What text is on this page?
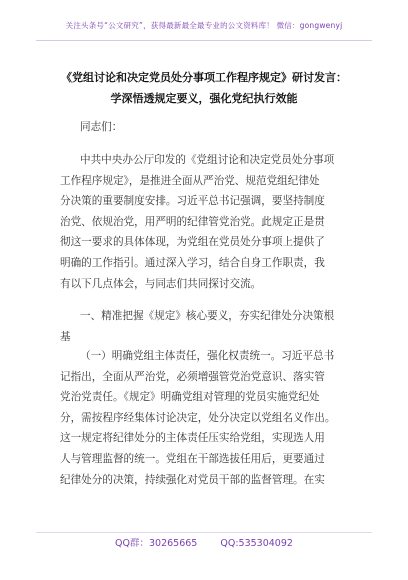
关注头条号“公文研究”，获得最新最全最专业的公文资料库！ 微信：gongwenyj
《党组讨论和决定党员处分事项工作程序规定》研讨发言：
学深悟透规定要义，强化党纪执行效能
同志们：
中共中央办公厅印发的《党组讨论和决定党员处分事项
工作程序规定》，是推进全面从严治党、规范党组纪律处
分决策的重要制度安排。习近平总书记强调，要坚持制度
治党、依规治党，用严明的纪律管党治党。此规定正是贯
彻这一要求的具体体现，为党组在党员处分事项上提供了
明确的工作指引。通过深入学习，结合自身工作职责，我
有以下几点体会，与同志们共同探讨交流。
一、精准把握《规定》核心要义，夯实纪律处分决策根
基
（一）明确党组主体责任，强化权责统一。习近平总书
记指出，全面从严治党，必须增强管党治党意识、落实管
党治党责任。《规定》明确党组对管理的党员实施党纪处
分，需按程序经集体讨论决定，处分决定以党组名义作出。
这一规定将纪律处分的主体责任压实给党组，实现选人用
人与管理监督的统一。党组在干部选拔任用后，更要通过
纪律处分的决策，持续强化对党员干部的监督管理。在实
QQ群：30265665 QQ:535304092
